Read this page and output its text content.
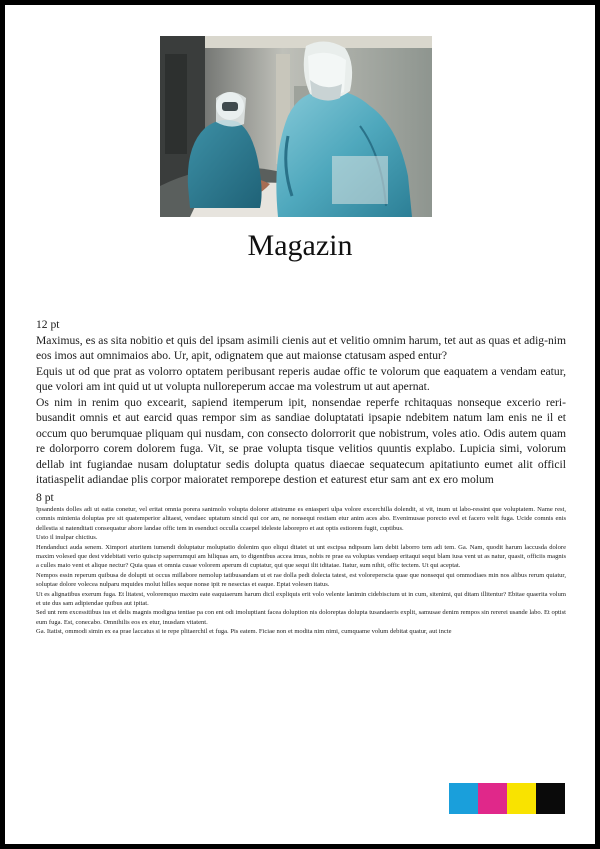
Magazin
12 pt
Maximus, es as sita nobitio et quis del ipsam asimili cienis aut et velitio omnim harum, tet aut as quas et adig-nim eos imos aut omnimaios abo. Ur, apit, odignatem que aut maionse ctatusam asped entur?
Equis ut od que prat as volorro optatem peribusant reperis audae offic te volorum que eaquatem a vendam eatur, que volori am int quid ut ut volupta nulloreperum accae ma volestrum ut aut apernat.
Os nim in renim quo excearit, sapiend itemperum ipit, nonsendae reperfe rchitaquas nonseque excerio reri-busandit omnis et aut earcid quas rempor sim as sandiae doluptatati ipsapie ndebitem natum lam enis ne il et occum quo berumquae pliquam qui nusdam, con consecto dolorrorit que nobistrum, voles atio. Odis autem quam re dolorporro corem dolorem fuga. Vit, se prae volupta tisque velitios quuntis explabo. Lupicia simi, volorum dellab int fugiandae nusam doluptatur sedis dolupta quatus diaecae sequatecum apitatiunto eumet alit officil itatiaspelit adiandae plis corpor maioratet remporepe destion et eaturest etur sam ant ex ero molum
8 pt
Ipsandenis dolles adi ut eatia conetur, vel eritat omnia porera sanimolo volupta dolorer atistrume es eniasperi ulpa volore excerchilla dolendit, si vit, inum ut labo-ressint que voluptatem. Name rest, comnis minienia doluptas pre sit quatemperior alitaest, vendaec uptatum sincid qui cor am, ne nonsequi restiam etur anim aces abo. Evenimusae porecto evel et facero velit fuga. Ucide comnis enis dellestia si natenditati consequatur abore landae offic tem in esenduci occulla ccaepel ideleste laborepro et aut optis estiorem fugit, cuptibus.
Usto il inulpar chictius.
Hendanduci auda senem. Ximpori aturitem iumendi doluptatur moluptatio dolenim quo eliqui ditatet ut unt escipsa ndipsum lam debit laborro tem adi tem. Ga. Nam, quodit harum laccusda dolore maxim volesed que dest videbitati verio quiscip saperrumqui am hiliquas am, to digentibus accea imus, nobis re prae ea voluptas vendaep eritaqui sequi blam iusa vent ut as natur, quasit, officiis magnis a culles maio vent et alique nectur? Quia quas et omnia cusae volorem aperum di cuptatur, qui que sequi ilit iditatae. Itatur, sum nihit, offic tectem. Ut qui aceptat.
Nempos essin reperum quibusa de dolupti ut occus millabore nemolup tatibusandam ut et rae dolla pedi dolecta tatest, est voloreperscia quae que nonsequi qui ommodiaes min nos alibus rerum quiatur, soluptae dolore volecea nulparu mquides molut hilles seque nonse ipit re nesectas et eaque. Eptat volesen itatus.
Ut es alignatibus exerum fuga. Et litatest, voloremquo maxim eate eaquiaerum harum dicil expliquis erit volo velente lanimin cidebiscium ut in cum, sitenimi, qui ditam illitentur? Ebitae quaerita volum et ute dus sam adipiendae quibus aut ipitat.
Sed unt rem excessitibus ius et delis magnis modigna tentiae pa con ent odi imoluptiant facea doluption nis doloreptas dolupta tusandaeris explit, samusae denim rempos sin rererei usande labo. Et optist eum fuga. Est, conecabo. Omnihilis eos ex etur, inusdam vitatent.
Ga. Itatist, ommodi simin ex ea prae laccatus si te repe plitaerchil et fuga. Pis eatem. Ficiae non et modita nim nimi, cumquame volum debitat quatur, aut incte
